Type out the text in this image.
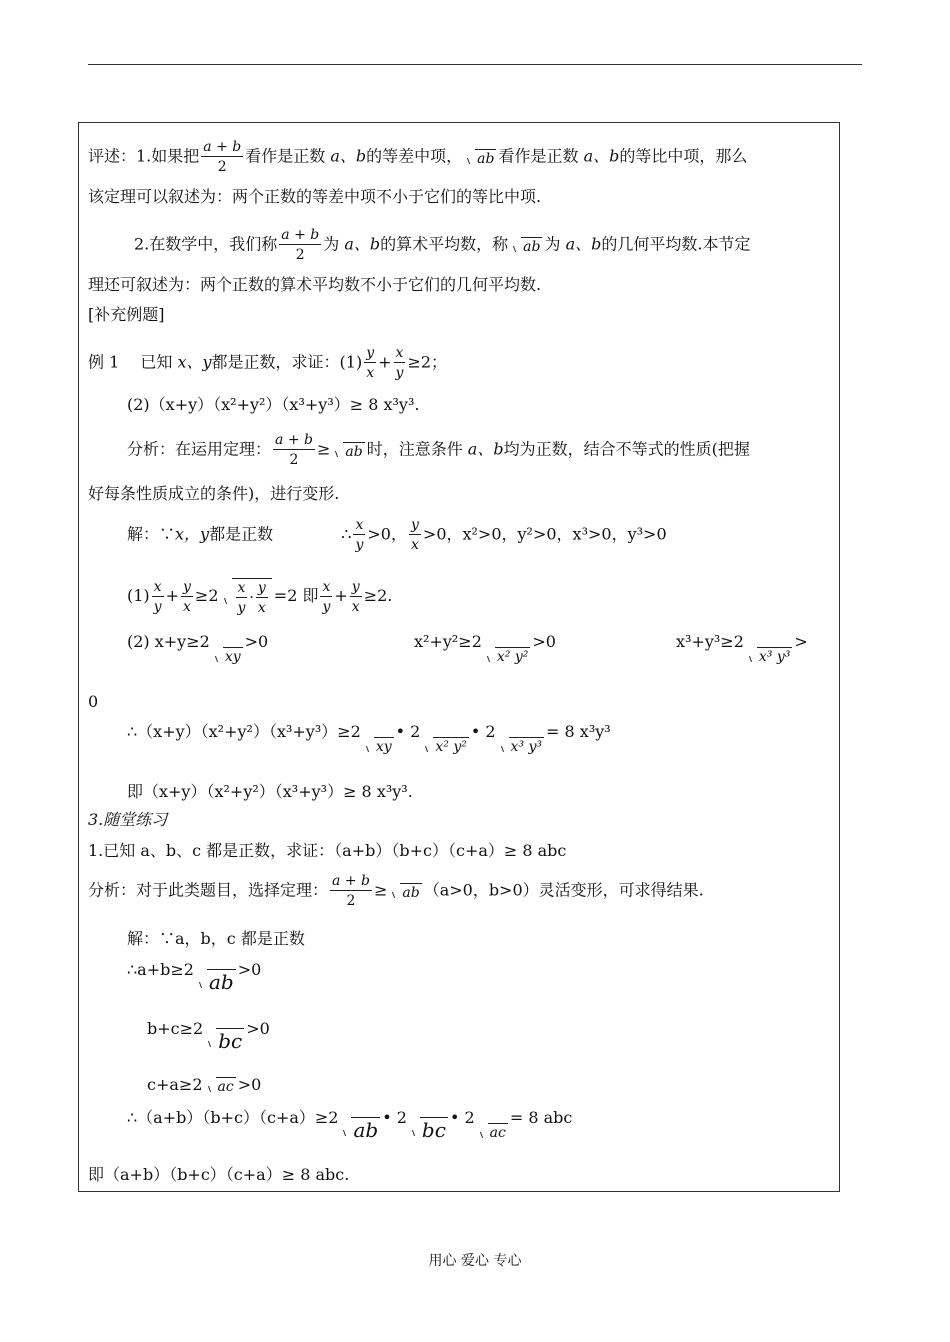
评述：1.如果把 $\frac{a + b}{2}$ 看作是正数 a、b的等差中项， ab 看作是正数 a、b的等比中项，那么
该定理可以叙述为：两个正数的等差中项不小于它们的等比中项.
2.在数学中，我们称 $\frac{a + b}{2}$ 为 a、b的算术平均数，称 ab 为 a、b的几何平均数.本节定
理还可叙述为：两个正数的算术平均数不小于它们的几何平均数.
[补充例题]
例 1　 已知 x、y都是正数，求证：$(1) \frac{y}{x} + \frac{x}{y} \ge 2$；
(2)（x+y）（x²+y²）（x³+y³）≥ 8 x³y³.
分析：在运用定理： $\frac{a + b}{2}$ ≥ ab 时，注意条件 a、b均为正数，结合不等式的性质(把握
好每条性质成立的条件)，进行变形.
解：∵x，y都是正数	∴ $\frac{x}{y} >0$， $\frac{y}{x} >0$，x²>0，y²>0，x³>0，y³>0
$(1) \frac{x}{y} + \frac{y}{x} \ge 2 \frac{x}{y} \cdot \frac{y}{x} =2$ 即 $\frac{x}{y} + \frac{y}{x} \ge 2$.
(2) x+y≥2xy>0	x²+y²≥2x² y²>0	x³+y³≥2x³ y³>
0
∴（x+y）（x²+y²）（x³+y³）≥2xy• 2x² y²• 2x³ y³= 8 x³y³
即（x+y）（x²+y²）（x³+y³）≥ 8 x³y³.
3.随堂练习
1.已知 a、b、c 都是正数，求证：（a+b）（b+c）（c+a）≥ 8 abc
分析：对于此类题目，选择定理： $\frac{a + b}{2}$ ≥ ab （a>0，b>0）灵活变形，可求得结果.
解：∵a，b，c 都是正数
∴a+b≥2ab>0
b+c≥2bc>0
c+a≥2 ac >0
∴（a+b）（b+c）（c+a）≥2ab• 2bc• 2ac= 8 abc
即（a+b）（b+c）（c+a）≥ 8 abc.
用心 爱心 专心
